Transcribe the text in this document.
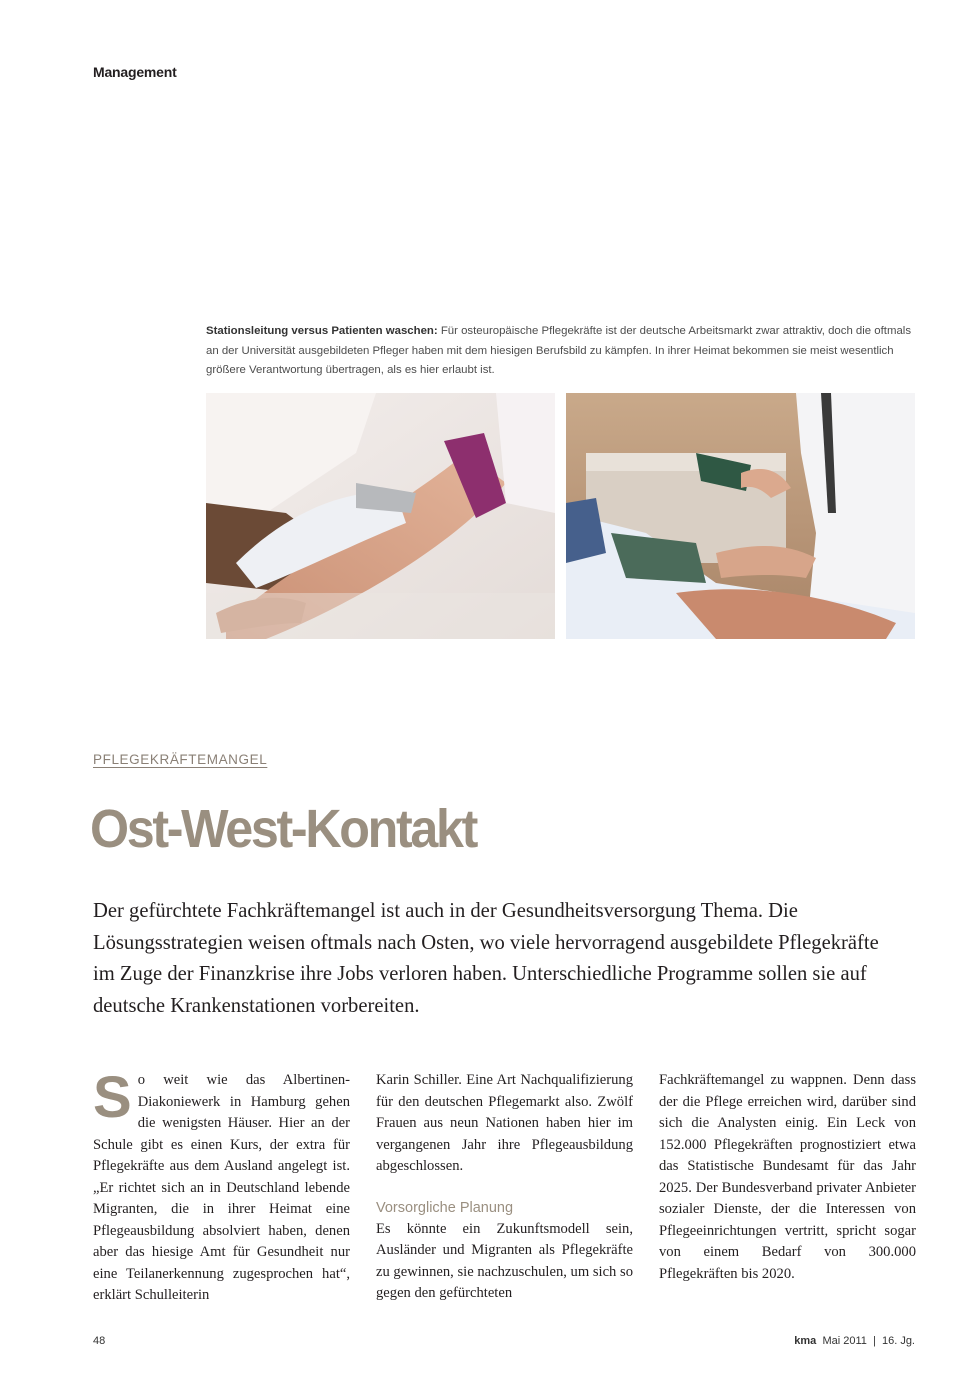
Management

Stationsleitung versus Patienten waschen: Für osteuropäische Pflegekräfte ist der deutsche Arbeitsmarkt zwar attraktiv, doch die oftmals an der Universität ausgebildeten Pfleger haben mit dem hiesigen Berufsbild zu kämpfen. In ihrer Heimat bekommen sie meist wesentlich größere Verantwortung übertragen, als es hier erlaubt ist.

PFLEGEKRÄFTEMANGEL
Ost-West-Kontakt

Der gefürchtete Fachkräftemangel ist auch in der Gesundheitsversorgung Thema. Die Lösungsstrategien weisen oftmals nach Osten, wo viele hervorragend ausgebildete Pflegekräfte im Zuge der Finanzkrise ihre Jobs verloren haben. Unterschiedliche Programme sollen sie auf deutsche Krankenstationen vorbereiten.

So weit wie das Albertinen-Diakoniewerk in Hamburg gehen die wenigsten Häuser. Hier an der Schule gibt es einen Kurs, der extra für Pflegekräfte aus dem Ausland angelegt ist. „Er richtet sich an in Deutschland lebende Migranten, die in ihrer Heimat eine Pflegeausbildung absolviert haben, denen aber das hiesige Amt für Gesundheit nur eine Teilanerkennung zugesprochen hat“, erklärt Schulleiterin

Karin Schiller. Eine Art Nachqualifizierung für den deutschen Pflegemarkt also. Zwölf Frauen aus neun Nationen haben hier im vergangenen Jahr ihre Pflegeausbildung abgeschlossen.

Vorsorgliche Planung

Es könnte ein Zukunftsmodell sein, Ausländer und Migranten als Pflegekräfte zu gewinnen, sie nachzuschulen, um sich so gegen den gefürchteten

Fachkräftemangel zu wappnen. Denn dass der die Pflege erreichen wird, darüber sind sich die Analysten einig. Ein Leck von 152.000 Pflegekräften prognostiziert etwa das Statistische Bundesamt für das Jahr 2025. Der Bundesverband privater Anbieter sozialer Dienste, der die Interessen von Pflegeeinrichtungen vertritt, spricht sogar von einem Bedarf von 300.000 Pflegekräften bis 2020.

48	kma Mai 2011  |  16. Jg.
